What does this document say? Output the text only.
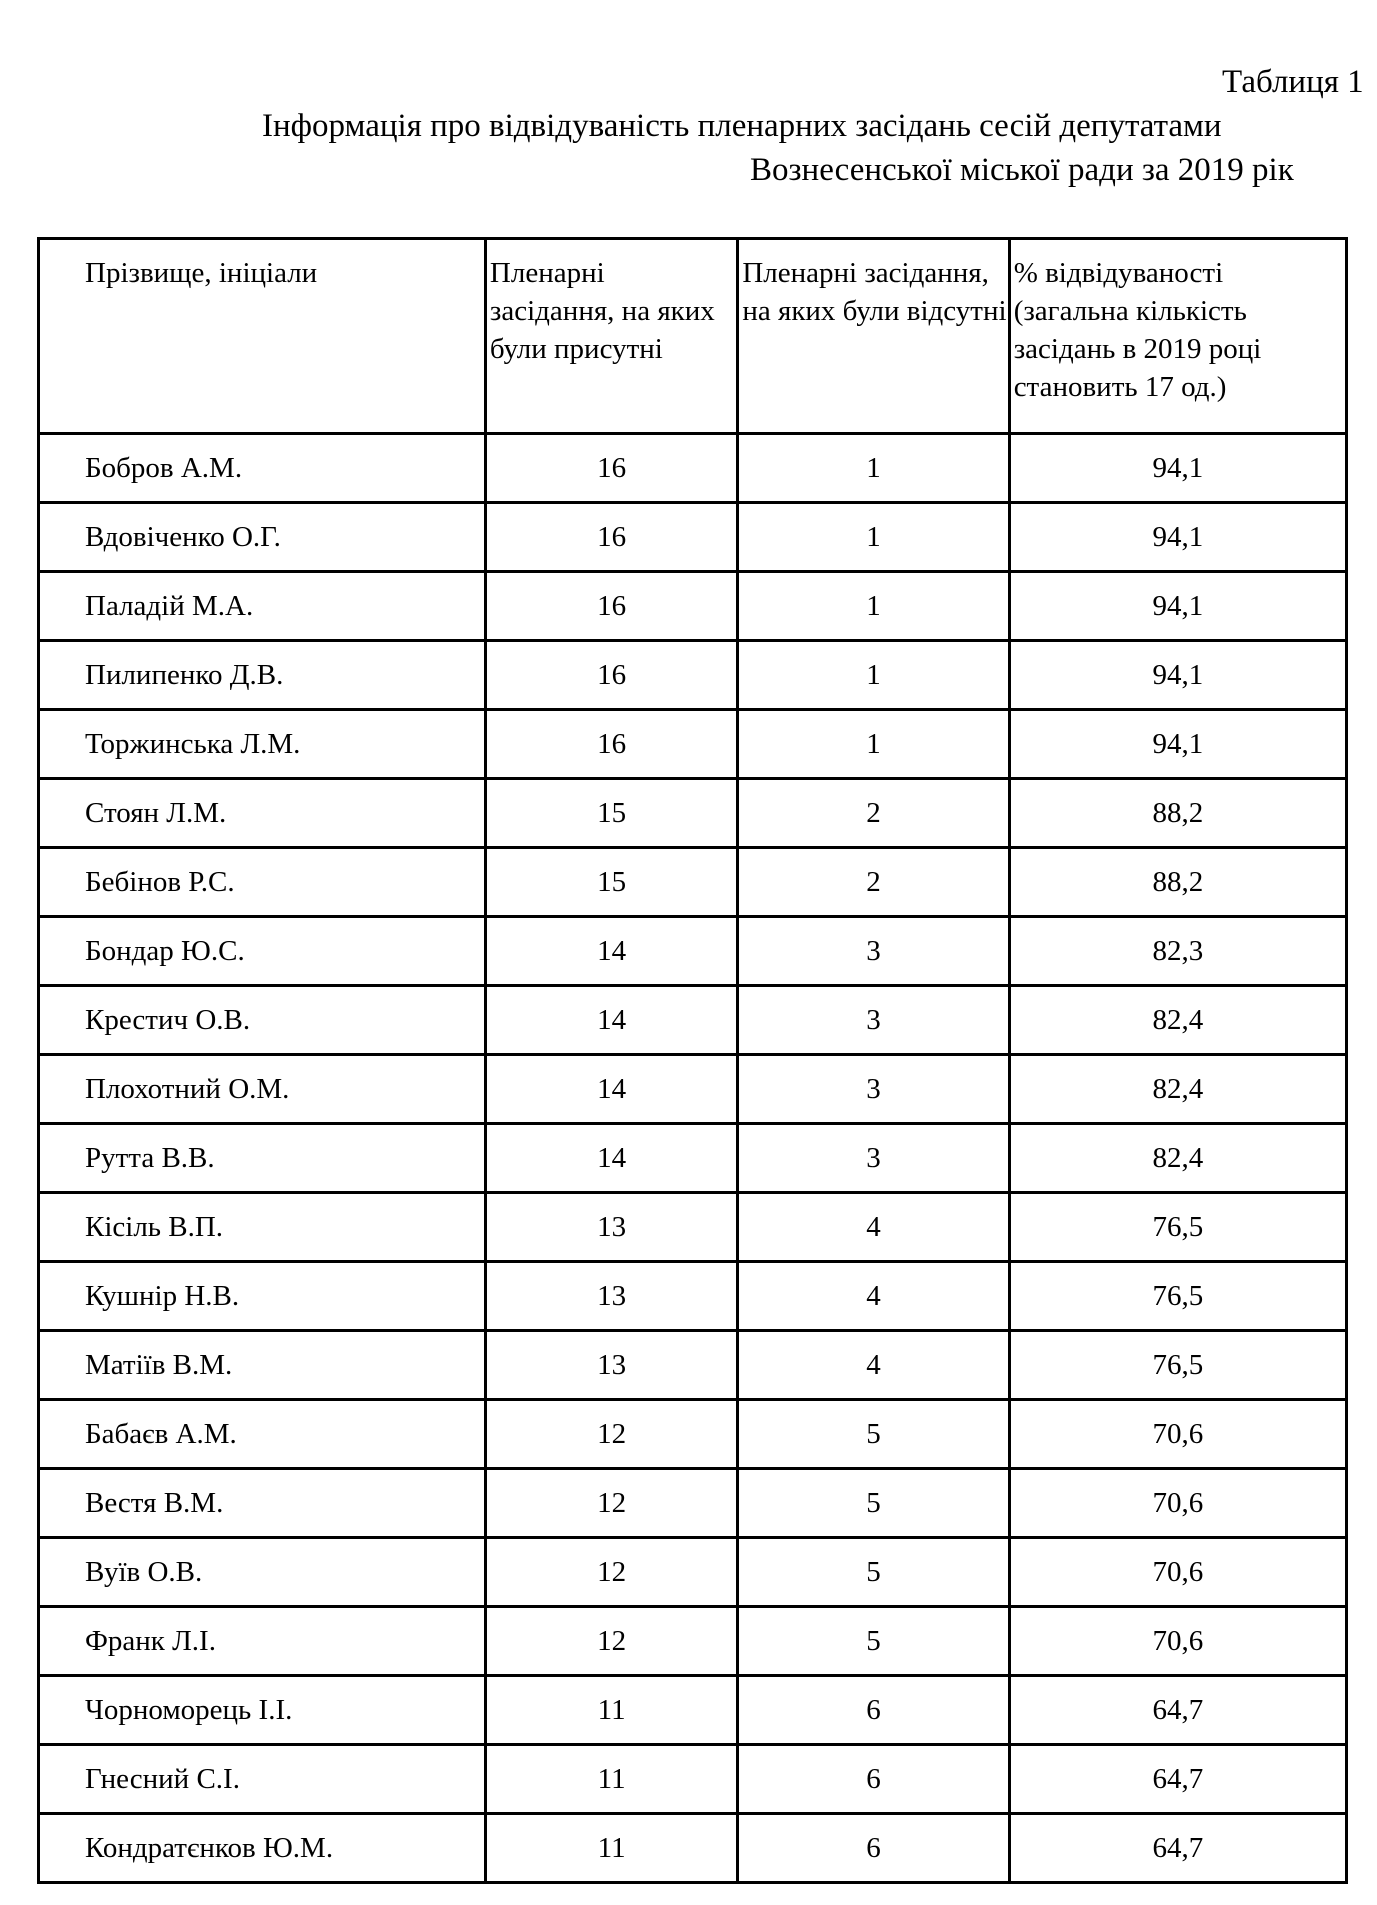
Таблиця 1
Інформація про відвідуваність пленарних засідань сесій депутатами
Вознесенської міської ради за 2019 рік
Прізвище, ініціали	Пленарні засідання, на яких були присутні	Пленарні засідання, на яких були відсутні	% відвідуваності (загальна кількість засідань в 2019 році становить 17 од.)
Бобров А.М.	16	1	94,1
Вдовіченко О.Г.	16	1	94,1
Паладій М.А.	16	1	94,1
Пилипенко Д.В.	16	1	94,1
Торжинська Л.М.	16	1	94,1
Стоян Л.М.	15	2	88,2
Бебінов Р.С.	15	2	88,2
Бондар Ю.С.	14	3	82,3
Крестич О.В.	14	3	82,4
Плохотний О.М.	14	3	82,4
Рутта В.В.	14	3	82,4
Кісіль В.П.	13	4	76,5
Кушнір Н.В.	13	4	76,5
Матіїв В.М.	13	4	76,5
Бабаєв А.М.	12	5	70,6
Вестя В.М.	12	5	70,6
Вуїв О.В.	12	5	70,6
Франк Л.І.	12	5	70,6
Чорноморець І.І.	11	6	64,7
Гнесний С.І.	11	6	64,7
Кондратєнков Ю.М.	11	6	64,7
